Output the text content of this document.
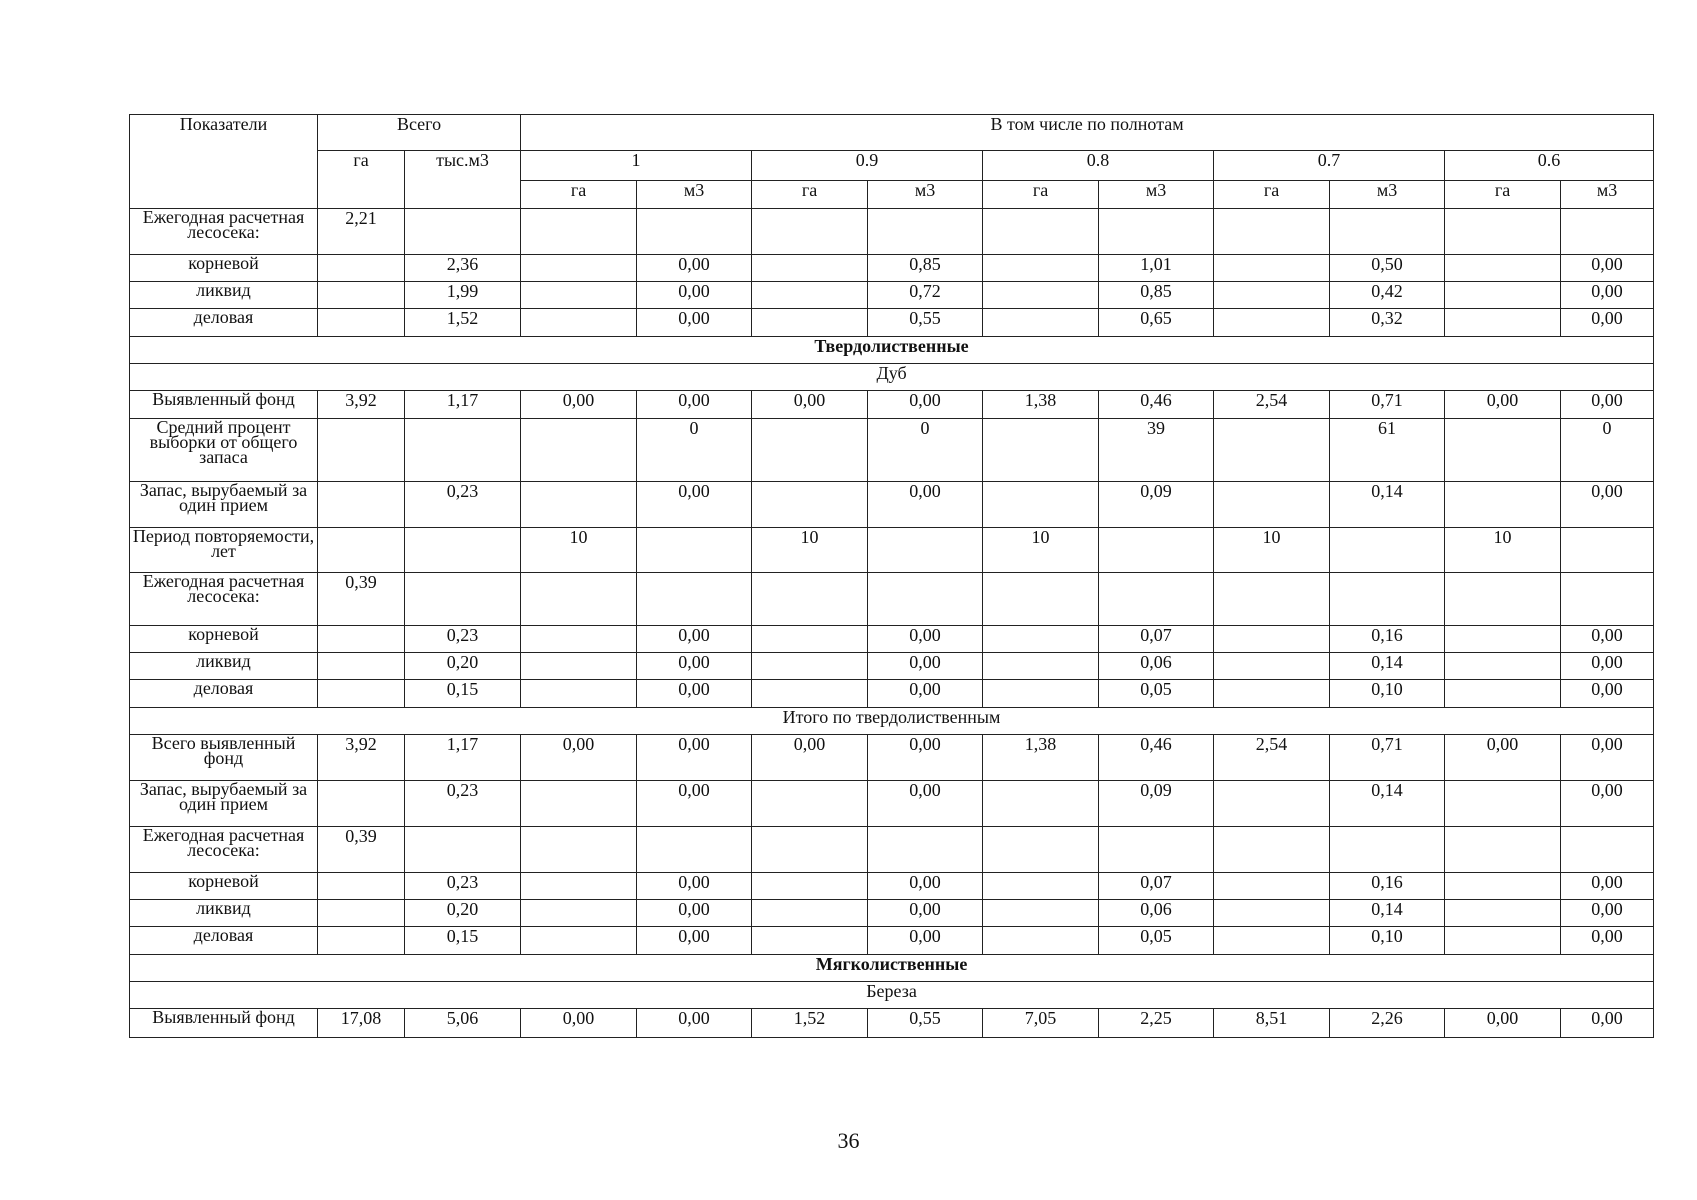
Показатели	Всего		В том числе по полнотам									
	га	тыс.м3	1		0.9		0.8		0.7		0.6	
			га	м3	га	м3	га	м3	га	м3	га	м3
Ежегодная расчетная лесосека:	2,21											
корневой		2,36		0,00		0,85		1,01		0,50		0,00
ликвид		1,99		0,00		0,72		0,85		0,42		0,00
деловая		1,52		0,00		0,55		0,65		0,32		0,00
Твердолиственные												
Дуб												
Выявленный фонд	3,92	1,17	0,00	0,00	0,00	0,00	1,38	0,46	2,54	0,71	0,00	0,00
Средний процент выборки от общего запаса				0		0		39		61		0
Запас, вырубаемый за один прием		0,23		0,00		0,00		0,09		0,14		0,00
Период повторяемости, лет			10		10		10		10		10	
Ежегодная расчетная лесосека:	0,39											
корневой		0,23		0,00		0,00		0,07		0,16		0,00
ликвид		0,20		0,00		0,00		0,06		0,14		0,00
деловая		0,15		0,00		0,00		0,05		0,10		0,00
Итого по твердолиственным												
Всего выявленный фонд	3,92	1,17	0,00	0,00	0,00	0,00	1,38	0,46	2,54	0,71	0,00	0,00
Запас, вырубаемый за один прием		0,23		0,00		0,00		0,09		0,14		0,00
Ежегодная расчетная лесосека:	0,39											
корневой		0,23		0,00		0,00		0,07		0,16		0,00
ликвид		0,20		0,00		0,00		0,06		0,14		0,00
деловая		0,15		0,00		0,00		0,05		0,10		0,00
Мягколиственные												
Береза												
Выявленный фонд	17,08	5,06	0,00	0,00	1,52	0,55	7,05	2,25	8,51	2,26	0,00	0,00
36
